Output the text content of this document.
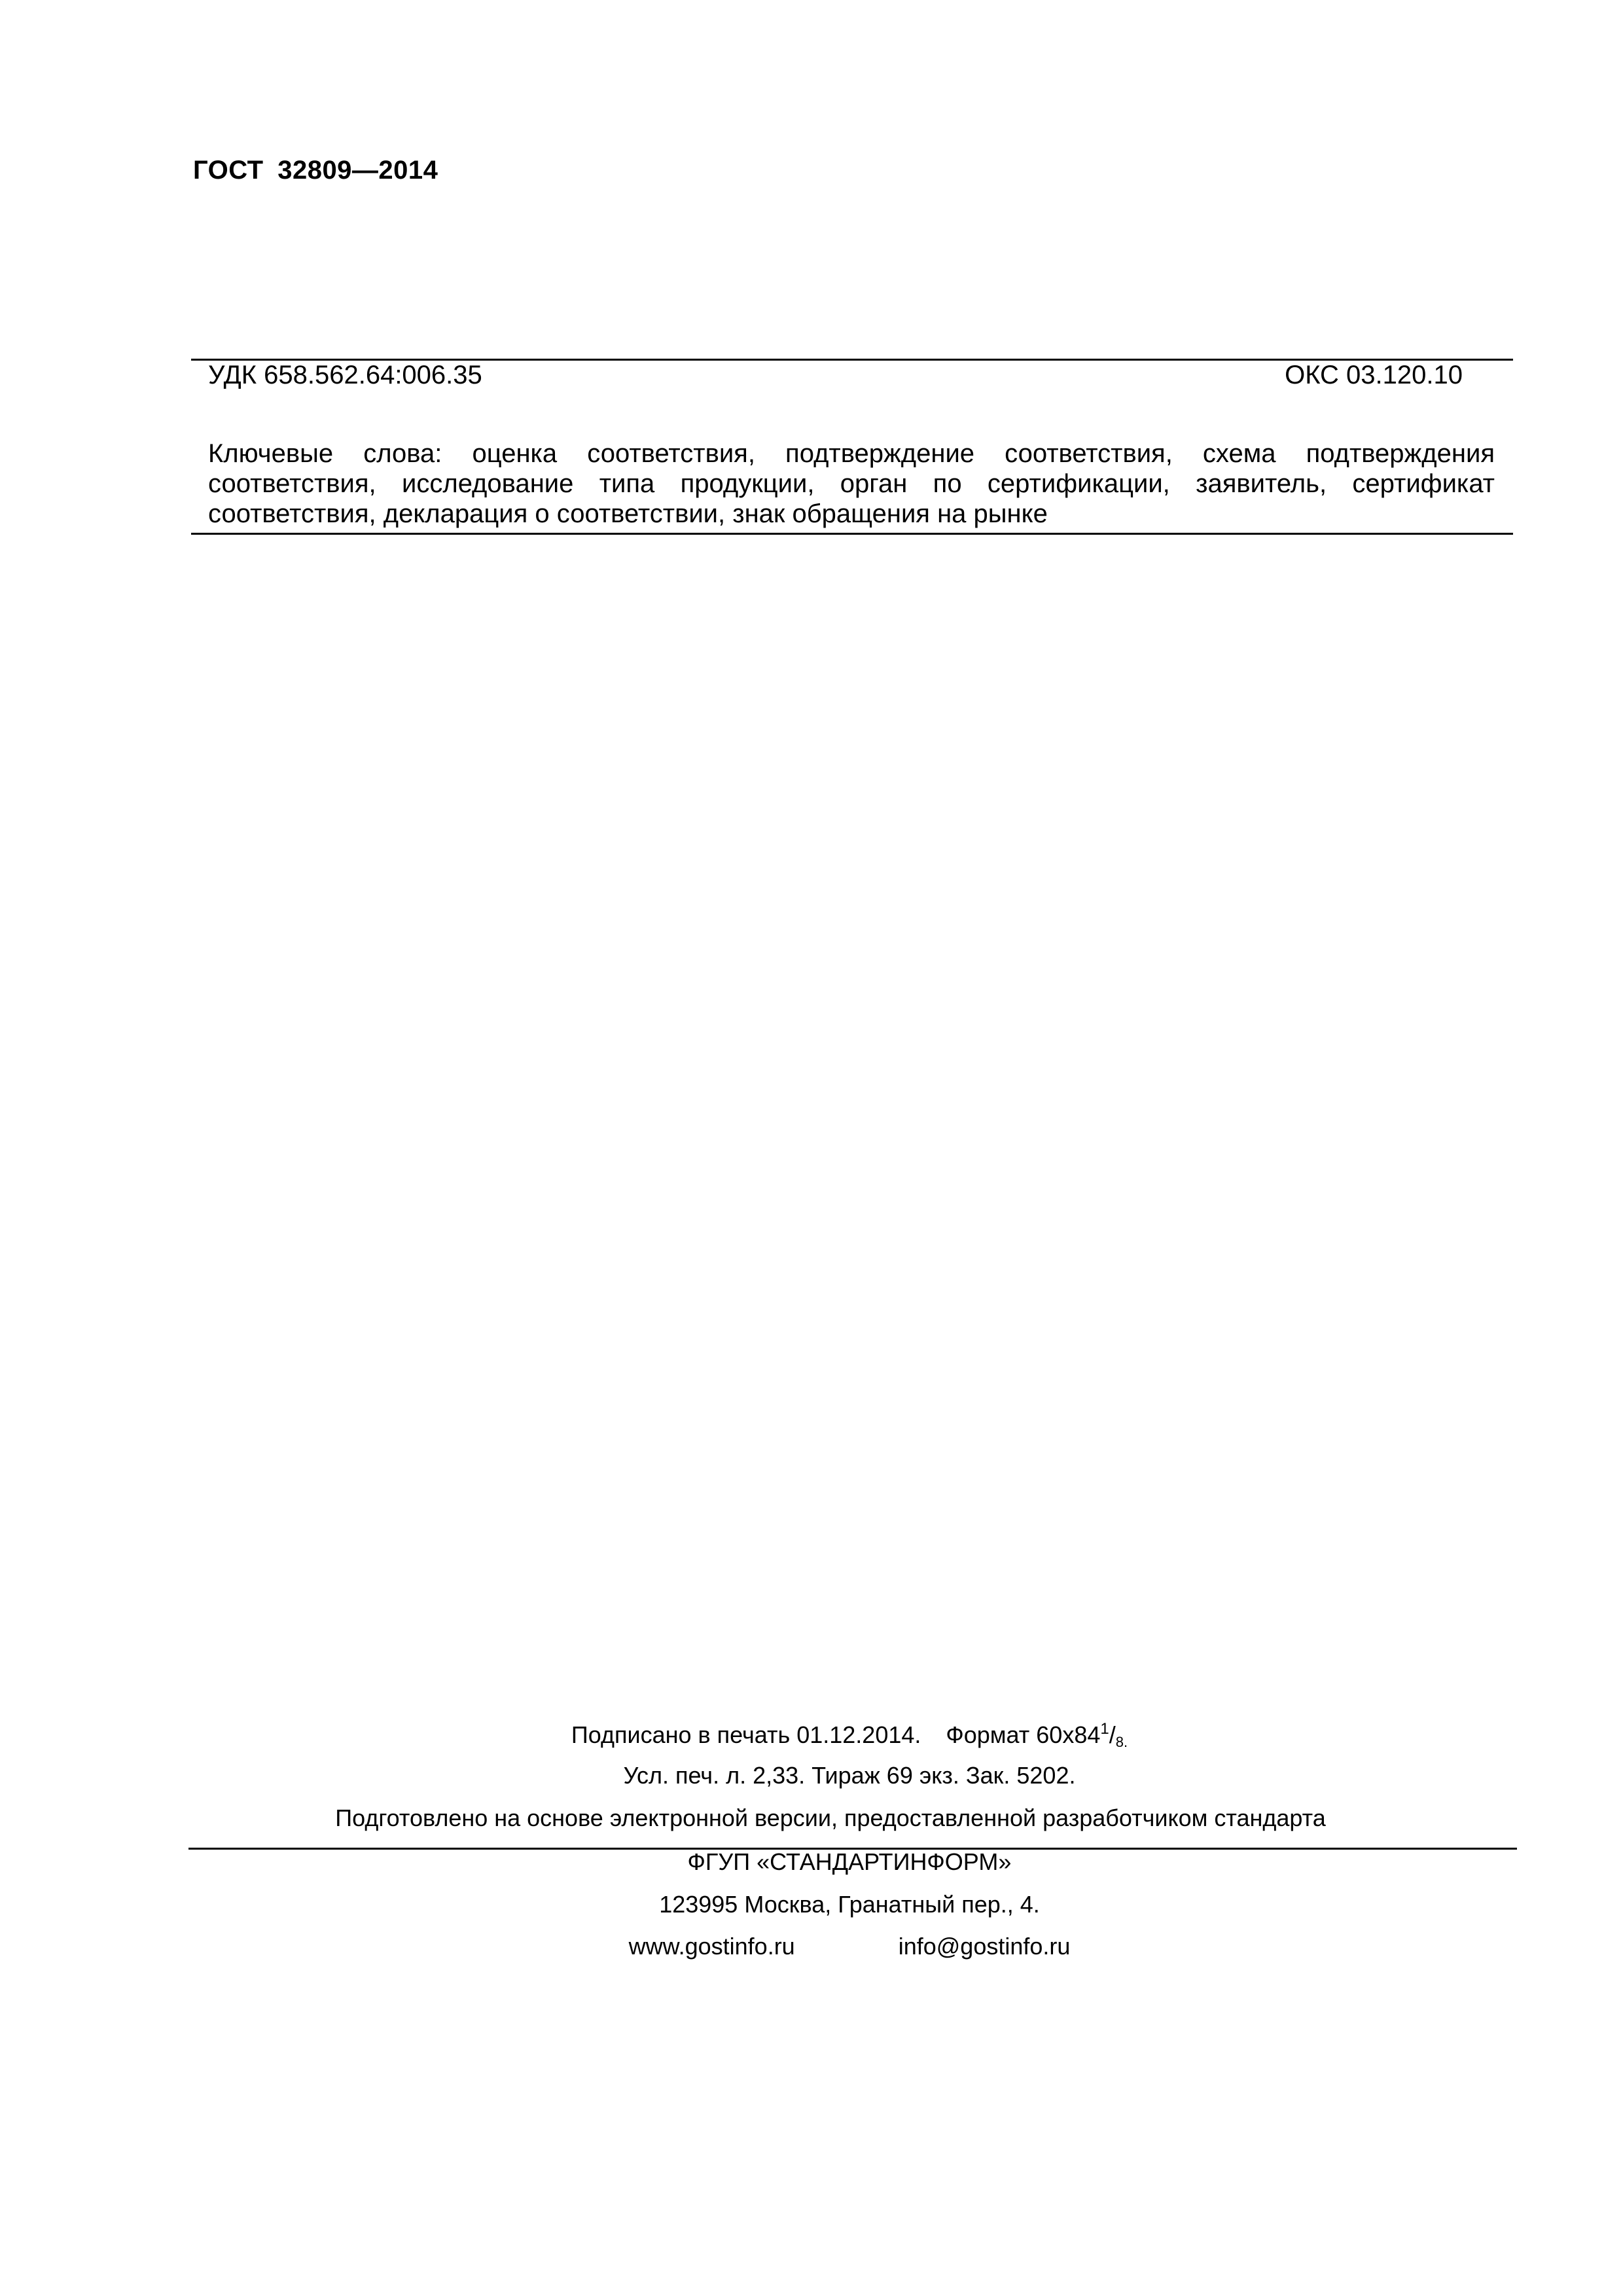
ГОСТ 32809—2014
УДК 658.562.64:006.35	ОКС 03.120.10
Ключевые слова: оценка соответствия, подтверждение соответствия, схема подтверждения соответствия, исследование типа продукции, орган по сертификации, заявитель, сертификат соответствия, декларация о соответствии, знак обращения на рынке
Подписано в печать 01.12.2014. Формат $60х84^1/8$.
Усл. печ. л. 2,33. Тираж 69 экз. Зак. 5202.
Подготовлено на основе электронной версии, предоставленной разработчиком стандарта
ФГУП «СТАНДАРТИНФОРМ»
123995 Москва, Гранатный пер., 4.
www.gostinfo.ru	info@gostinfo.ru
